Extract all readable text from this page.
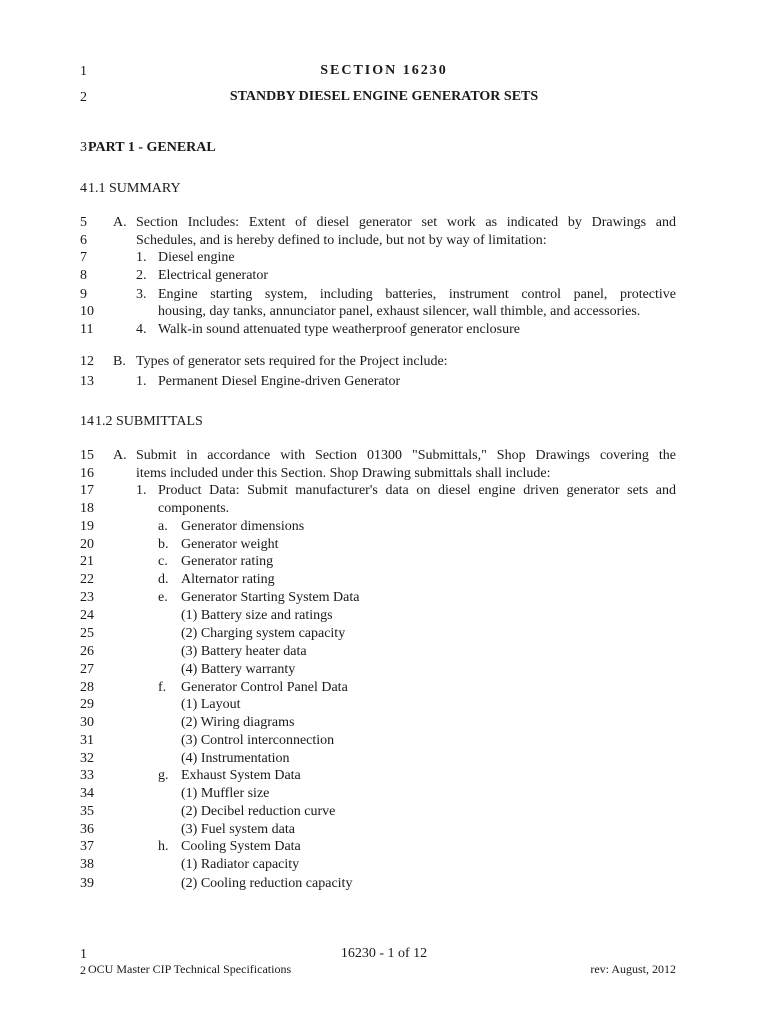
1	SECTION 16230
2	STANDBY DIESEL ENGINE GENERATOR SETS
3 PART 1 - GENERAL
4 1.1 SUMMARY
5 A. Section Includes: Extent of diesel generator set work as indicated by Drawings and
6	Schedules, and is hereby defined to include, but not by way of limitation:
7	1. Diesel engine
8	2. Electrical generator
9	3. Engine starting system, including batteries, instrument control panel, protective
10	housing, day tanks, annunciator panel, exhaust silencer, wall thimble, and accessories.
11	4. Walk-in sound attenuated type weatherproof generator enclosure
12 B. Types of generator sets required for the Project include:
13	1. Permanent Diesel Engine-driven Generator
14 1.2 SUBMITTALS
15 A. Submit in accordance with Section 01300 "Submittals," Shop Drawings covering the
16	items included under this Section. Shop Drawing submittals shall include:
17	1. Product Data: Submit manufacturer's data on diesel engine driven generator sets and
18	components.
19	a. Generator dimensions
20	b. Generator weight
21	c. Generator rating
22	d. Alternator rating
23	e. Generator Starting System Data
24	(1) Battery size and ratings
25	(2) Charging system capacity
26	(3) Battery heater data
27	(4) Battery warranty
28	f. Generator Control Panel Data
29	(1) Layout
30	(2) Wiring diagrams
31	(3) Control interconnection
32	(4) Instrumentation
33	g. Exhaust System Data
34	(1) Muffler size
35	(2) Decibel reduction curve
36	(3) Fuel system data
37	h. Cooling System Data
38	(1) Radiator capacity
39	(2) Cooling reduction capacity
1	16230 - 1 of 12
2 OCU Master CIP Technical Specifications	rev: August, 2012
